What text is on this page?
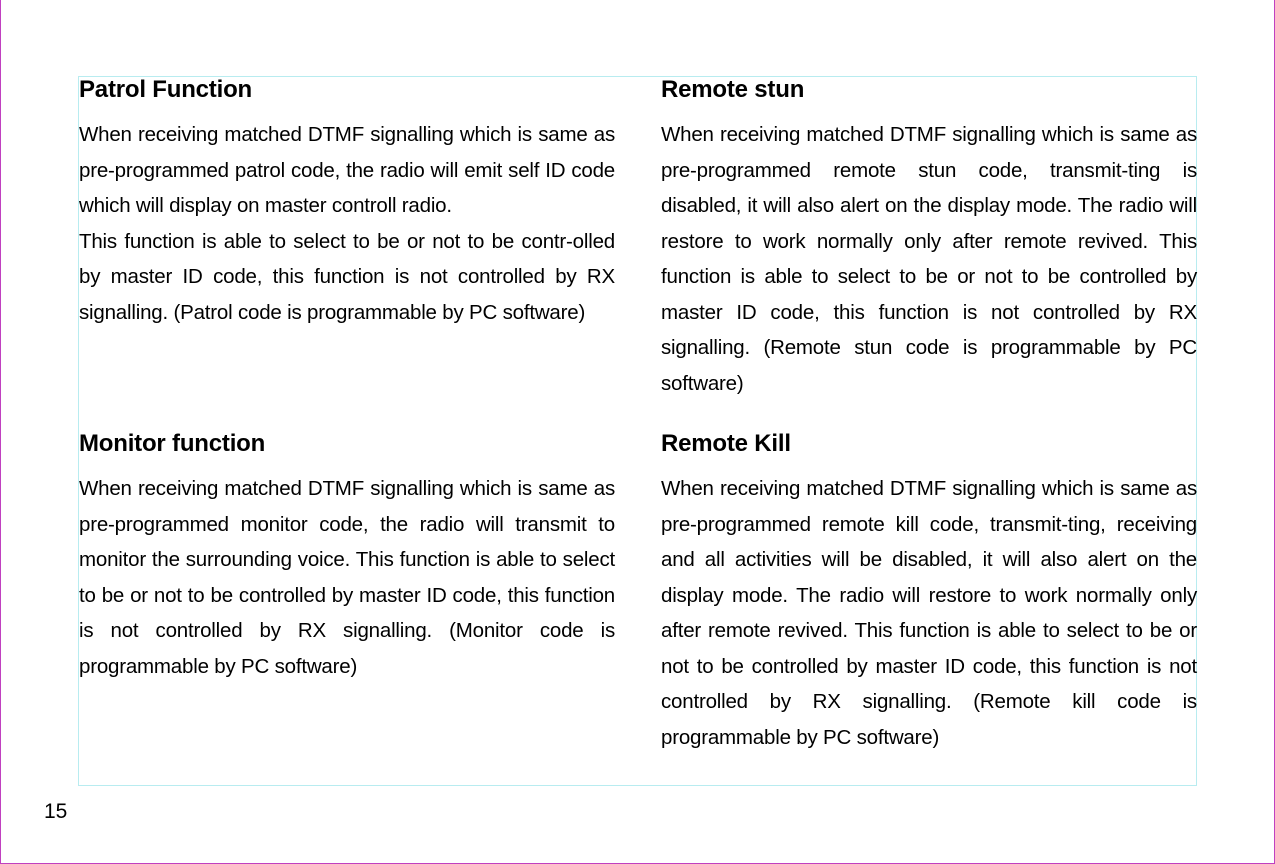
Patrol Function

When receiving matched DTMF signalling which is same as pre-programmed patrol code, the radio will emit self ID code which will display on master controll radio.

This function is able to select to be or not to be contr-olled by master ID code, this function is not controlled by RX signalling. (Patrol code is programmable by PC software)

Monitor function

When receiving matched DTMF signalling which is same as pre-programmed monitor code, the radio will transmit to monitor the surrounding voice. This function is able to select to be or not to be controlled by master ID code, this function is not controlled by RX signalling. (Monitor code is programmable by PC software)

Remote stun

When receiving matched DTMF signalling which is same as pre-programmed remote stun code, transmit-ting is disabled, it will also alert on the display mode. The radio will restore to work normally only after remote revived. This function is able to select to be or not to be controlled by master ID code, this function is not controlled by RX signalling. (Remote stun code is programmable by PC software)

Remote Kill

When receiving matched DTMF signalling which is same as pre-programmed remote kill code, transmit-ting, receiving and all activities will be disabled, it will also alert on the display mode. The radio will restore to work normally only after remote revived. This function is able to select to be or not to be controlled by master ID code, this function is not controlled by RX signalling. (Remote kill code is programmable by PC software)

15
